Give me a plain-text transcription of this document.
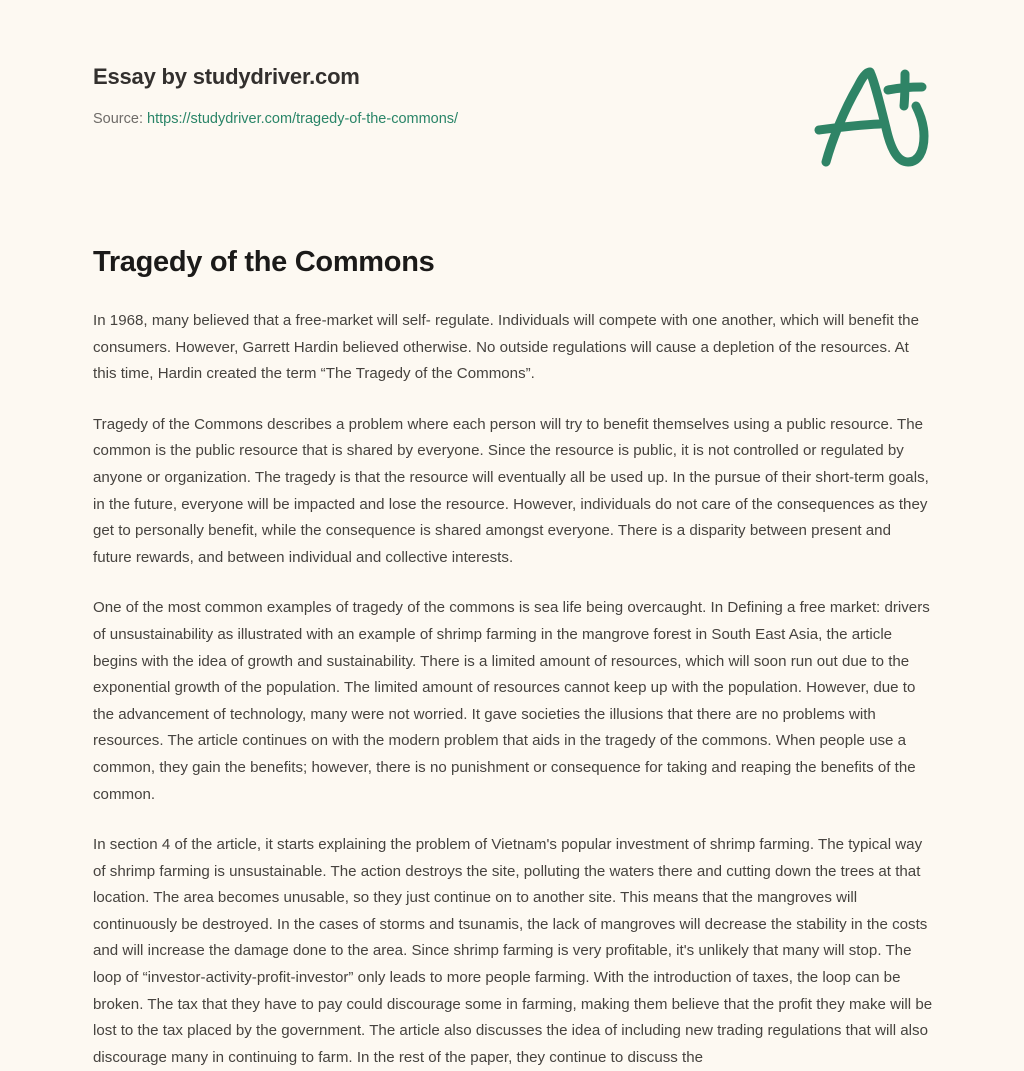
Essay by studydriver.com
Source: https://studydriver.com/tragedy-of-the-commons/
Tragedy of the Commons

In 1968, many believed that a free-market will self- regulate. Individuals will compete with one another, which will benefit the consumers. However, Garrett Hardin believed otherwise. No outside regulations will cause a depletion of the resources. At this time, Hardin created the term “The Tragedy of the Commons”.

Tragedy of the Commons describes a problem where each person will try to benefit themselves using a public resource. The common is the public resource that is shared by everyone. Since the resource is public, it is not controlled or regulated by anyone or organization. The tragedy is that the resource will eventually all be used up. In the pursue of their short-term goals, in the future, everyone will be impacted and lose the resource. However, individuals do not care of the consequences as they get to personally benefit, while the consequence is shared amongst everyone. There is a disparity between present and future rewards, and between individual and collective interests.

One of the most common examples of tragedy of the commons is sea life being overcaught. In Defining a free market: drivers of unsustainability as illustrated with an example of shrimp farming in the mangrove forest in South East Asia, the article begins with the idea of growth and sustainability. There is a limited amount of resources, which will soon run out due to the exponential growth of the population. The limited amount of resources cannot keep up with the population. However, due to the advancement of technology, many were not worried. It gave societies the illusions that there are no problems with resources. The article continues on with the modern problem that aids in the tragedy of the commons. When people use a common, they gain the benefits; however, there is no punishment or consequence for taking and reaping the benefits of the common.

In section 4 of the article, it starts explaining the problem of Vietnam's popular investment of shrimp farming. The typical way of shrimp farming is unsustainable. The action destroys the site, polluting the waters there and cutting down the trees at that location. The area becomes unusable, so they just continue on to another site. This means that the mangroves will continuously be destroyed. In the cases of storms and tsunamis, the lack of mangroves will decrease the stability in the costs and will increase the damage done to the area. Since shrimp farming is very profitable, it's unlikely that many will stop. The loop of “investor-activity-profit-investor” only leads to more people farming. With the introduction of taxes, the loop can be broken. The tax that they have to pay could discourage some in farming, making them believe that the profit they make will be lost to the tax placed by the government. The article also discusses the idea of including new trading regulations that will also discourage many in continuing to farm. In the rest of the paper, they continue to discuss the
